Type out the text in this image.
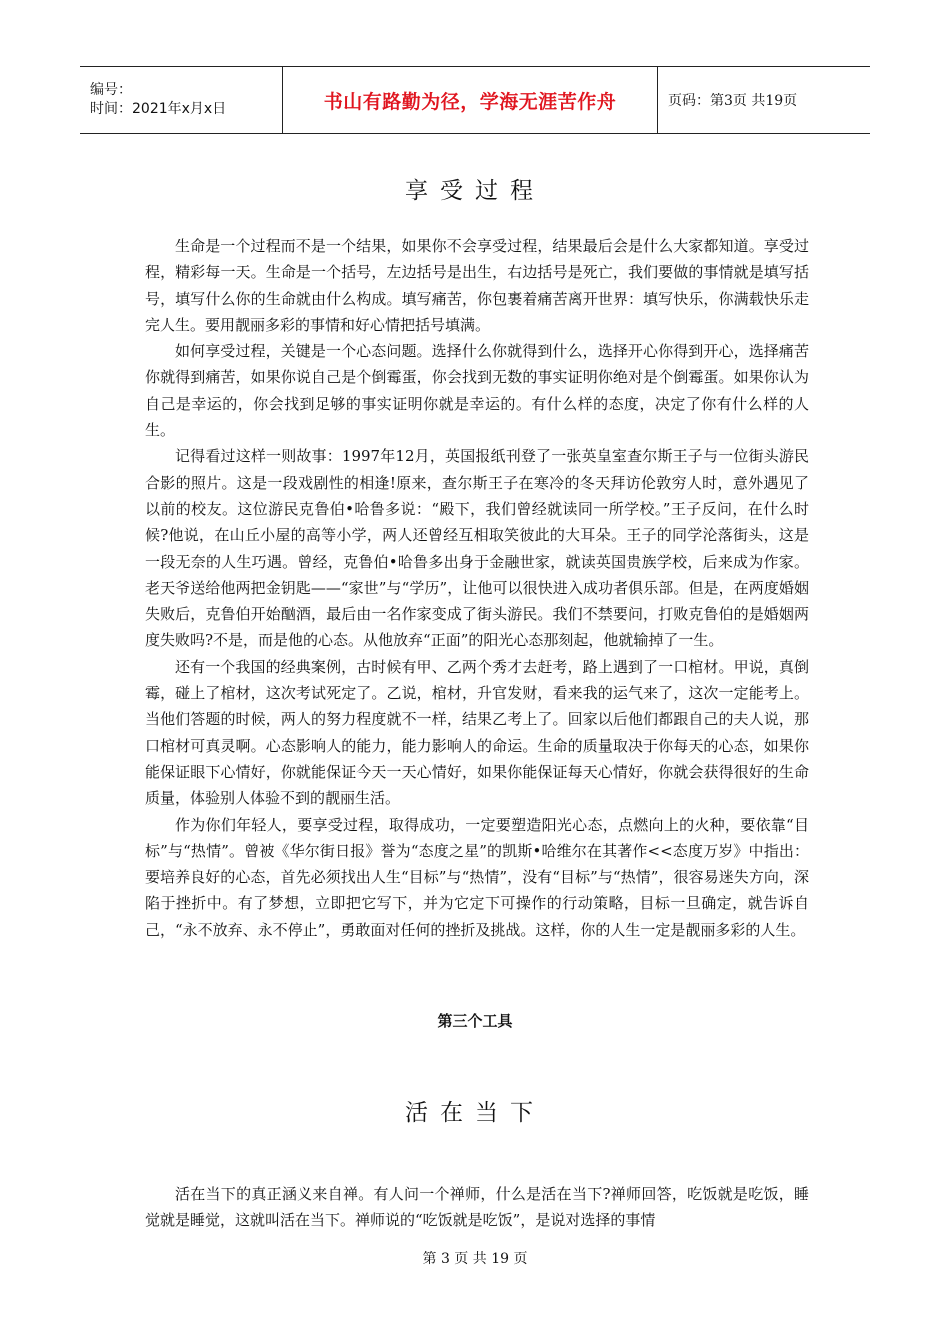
编号：
时间：2021年x月x日	书山有路勤为径，学海无涯苦作舟	页码：第3页 共19页
享受过程

生命是一个过程而不是一个结果，如果你不会享受过程，结果最后会是什么大家都知道。享受过程，精彩每一天。生命是一个括号，左边括号是出生，右边括号是死亡，我们要做的事情就是填写括号，填写什么你的生命就由什么构成。填写痛苦，你包裹着痛苦离开世界：填写快乐，你满载快乐走完人生。要用靓丽多彩的事情和好心情把括号填满。

如何享受过程，关键是一个心态问题。选择什么你就得到什么，选择开心你得到开心，选择痛苦你就得到痛苦，如果你说自己是个倒霉蛋，你会找到无数的事实证明你绝对是个倒霉蛋。如果你认为自己是幸运的，你会找到足够的事实证明你就是幸运的。有什么样的态度，决定了你有什么样的人生。

记得看过这样一则故事：1997年12月，英国报纸刊登了一张英皇室查尔斯王子与一位街头游民合影的照片。这是一段戏剧性的相逢!原来，查尔斯王子在寒冷的冬天拜访伦敦穷人时，意外遇见了以前的校友。这位游民克鲁伯•哈鲁多说：“殿下，我们曾经就读同一所学校。”王子反问，在什么时候?他说，在山丘小屋的高等小学，两人还曾经互相取笑彼此的大耳朵。王子的同学沦落街头，这是一段无奈的人生巧遇。曾经，克鲁伯•哈鲁多出身于金融世家，就读英国贵族学校，后来成为作家。老天爷送给他两把金钥匙——“家世”与“学历”，让他可以很快进入成功者俱乐部。但是，在两度婚姻失败后，克鲁伯开始酗酒，最后由一名作家变成了街头游民。我们不禁要问，打败克鲁伯的是婚姻两度失败吗?不是，而是他的心态。从他放弃“正面”的阳光心态那刻起，他就输掉了一生。

还有一个我国的经典案例，古时候有甲、乙两个秀才去赶考，路上遇到了一口棺材。甲说，真倒霉，碰上了棺材，这次考试死定了。乙说，棺材，升官发财，看来我的运气来了，这次一定能考上。当他们答题的时候，两人的努力程度就不一样，结果乙考上了。回家以后他们都跟自己的夫人说，那口棺材可真灵啊。心态影响人的能力，能力影响人的命运。生命的质量取决于你每天的心态，如果你能保证眼下心情好，你就能保证今天一天心情好，如果你能保证每天心情好，你就会获得很好的生命质量，体验别人体验不到的靓丽生活。

作为你们年轻人，要享受过程，取得成功，一定要塑造阳光心态，点燃向上的火种，要依靠“目标”与“热情”。曾被《华尔街日报》誉为“态度之星”的凯斯•哈维尔在其著作<<态度万岁》中指出：要培养良好的心态，首先必须找出人生“目标”与“热情”，没有“目标”与“热情”，很容易迷失方向，深陷于挫折中。有了梦想，立即把它写下，并为它定下可操作的行动策略，目标一旦确定，就告诉自己，“永不放弃、永不停止”，勇敢面对任何的挫折及挑战。这样，你的人生一定是靓丽多彩的人生。

第三个工具
活在当下

活在当下的真正涵义来自禅。有人问一个禅师，什么是活在当下?禅师回答，吃饭就是吃饭，睡觉就是睡觉，这就叫活在当下。禅师说的“吃饭就是吃饭”，是说对选择的事情

第 3 页 共 19 页
